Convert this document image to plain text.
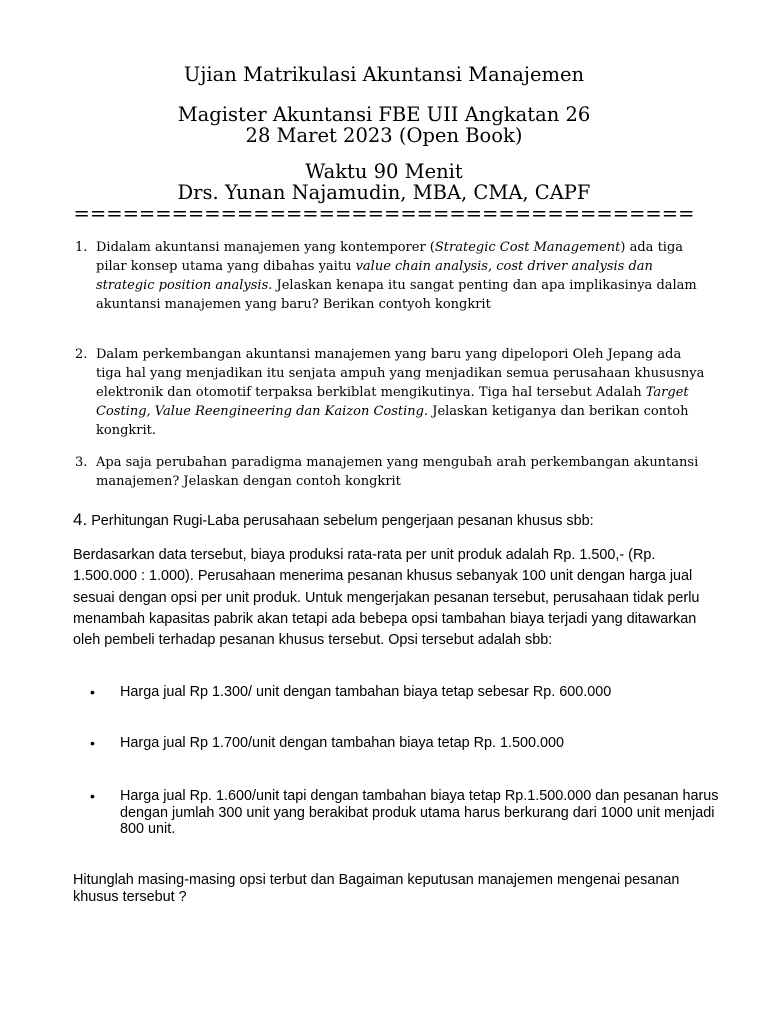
Ujian Matrikulasi Akuntansi Manajemen
Magister Akuntansi FBE UII Angkatan 26
28 Maret 2023 (Open Book)
Waktu 90 Menit
Drs. Yunan Najamudin, MBA, CMA, CAPF
======================================
1. Didalam akuntansi manajemen yang kontemporer (Strategic Cost Management) ada tiga pilar konsep utama yang dibahas yaitu value chain analysis, cost driver analysis dan strategic position analysis. Jelaskan kenapa itu sangat penting dan apa implikasinya dalam akuntansi manajemen yang baru? Berikan contyoh kongkrit
2. Dalam perkembangan akuntansi manajemen yang baru yang dipelopori Oleh Jepang ada tiga hal yang menjadikan itu senjata ampuh yang menjadikan semua perusahaan khususnya elektronik dan otomotif terpaksa berkiblat mengikutinya. Tiga hal tersebut Adalah Target Costing, Value Reengineering dan Kaizon Costing. Jelaskan ketiganya dan berikan contoh kongkrit.
3. Apa saja perubahan paradigma manajemen yang mengubah arah perkembangan akuntansi manajemen? Jelaskan dengan contoh kongkrit
4. Perhitungan Rugi-Laba perusahaan sebelum pengerjaan pesanan khusus sbb:
Berdasarkan data tersebut, biaya produksi rata-rata per unit produk adalah Rp. 1.500,- (Rp. 1.500.000 : 1.000). Perusahaan menerima pesanan khusus sebanyak 100 unit dengan harga jual sesuai dengan opsi per unit produk. Untuk mengerjakan pesanan tersebut, perusahaan tidak perlu menambah kapasitas pabrik akan tetapi ada bebepa opsi tambahan biaya terjadi yang ditawarkan oleh pembeli terhadap pesanan khusus tersebut. Opsi tersebut adalah sbb:
• Harga jual Rp 1.300/ unit dengan tambahan biaya tetap sebesar Rp. 600.000
• Harga jual Rp 1.700/unit dengan tambahan biaya tetap Rp. 1.500.000
• Harga jual Rp. 1.600/unit tapi dengan tambahan biaya tetap Rp.1.500.000 dan pesanan harus dengan jumlah 300 unit yang berakibat produk utama harus berkurang dari 1000 unit menjadi 800 unit.
Hitunglah masing-masing opsi terbut dan Bagaiman keputusan manajemen mengenai pesanan khusus tersebut ?
